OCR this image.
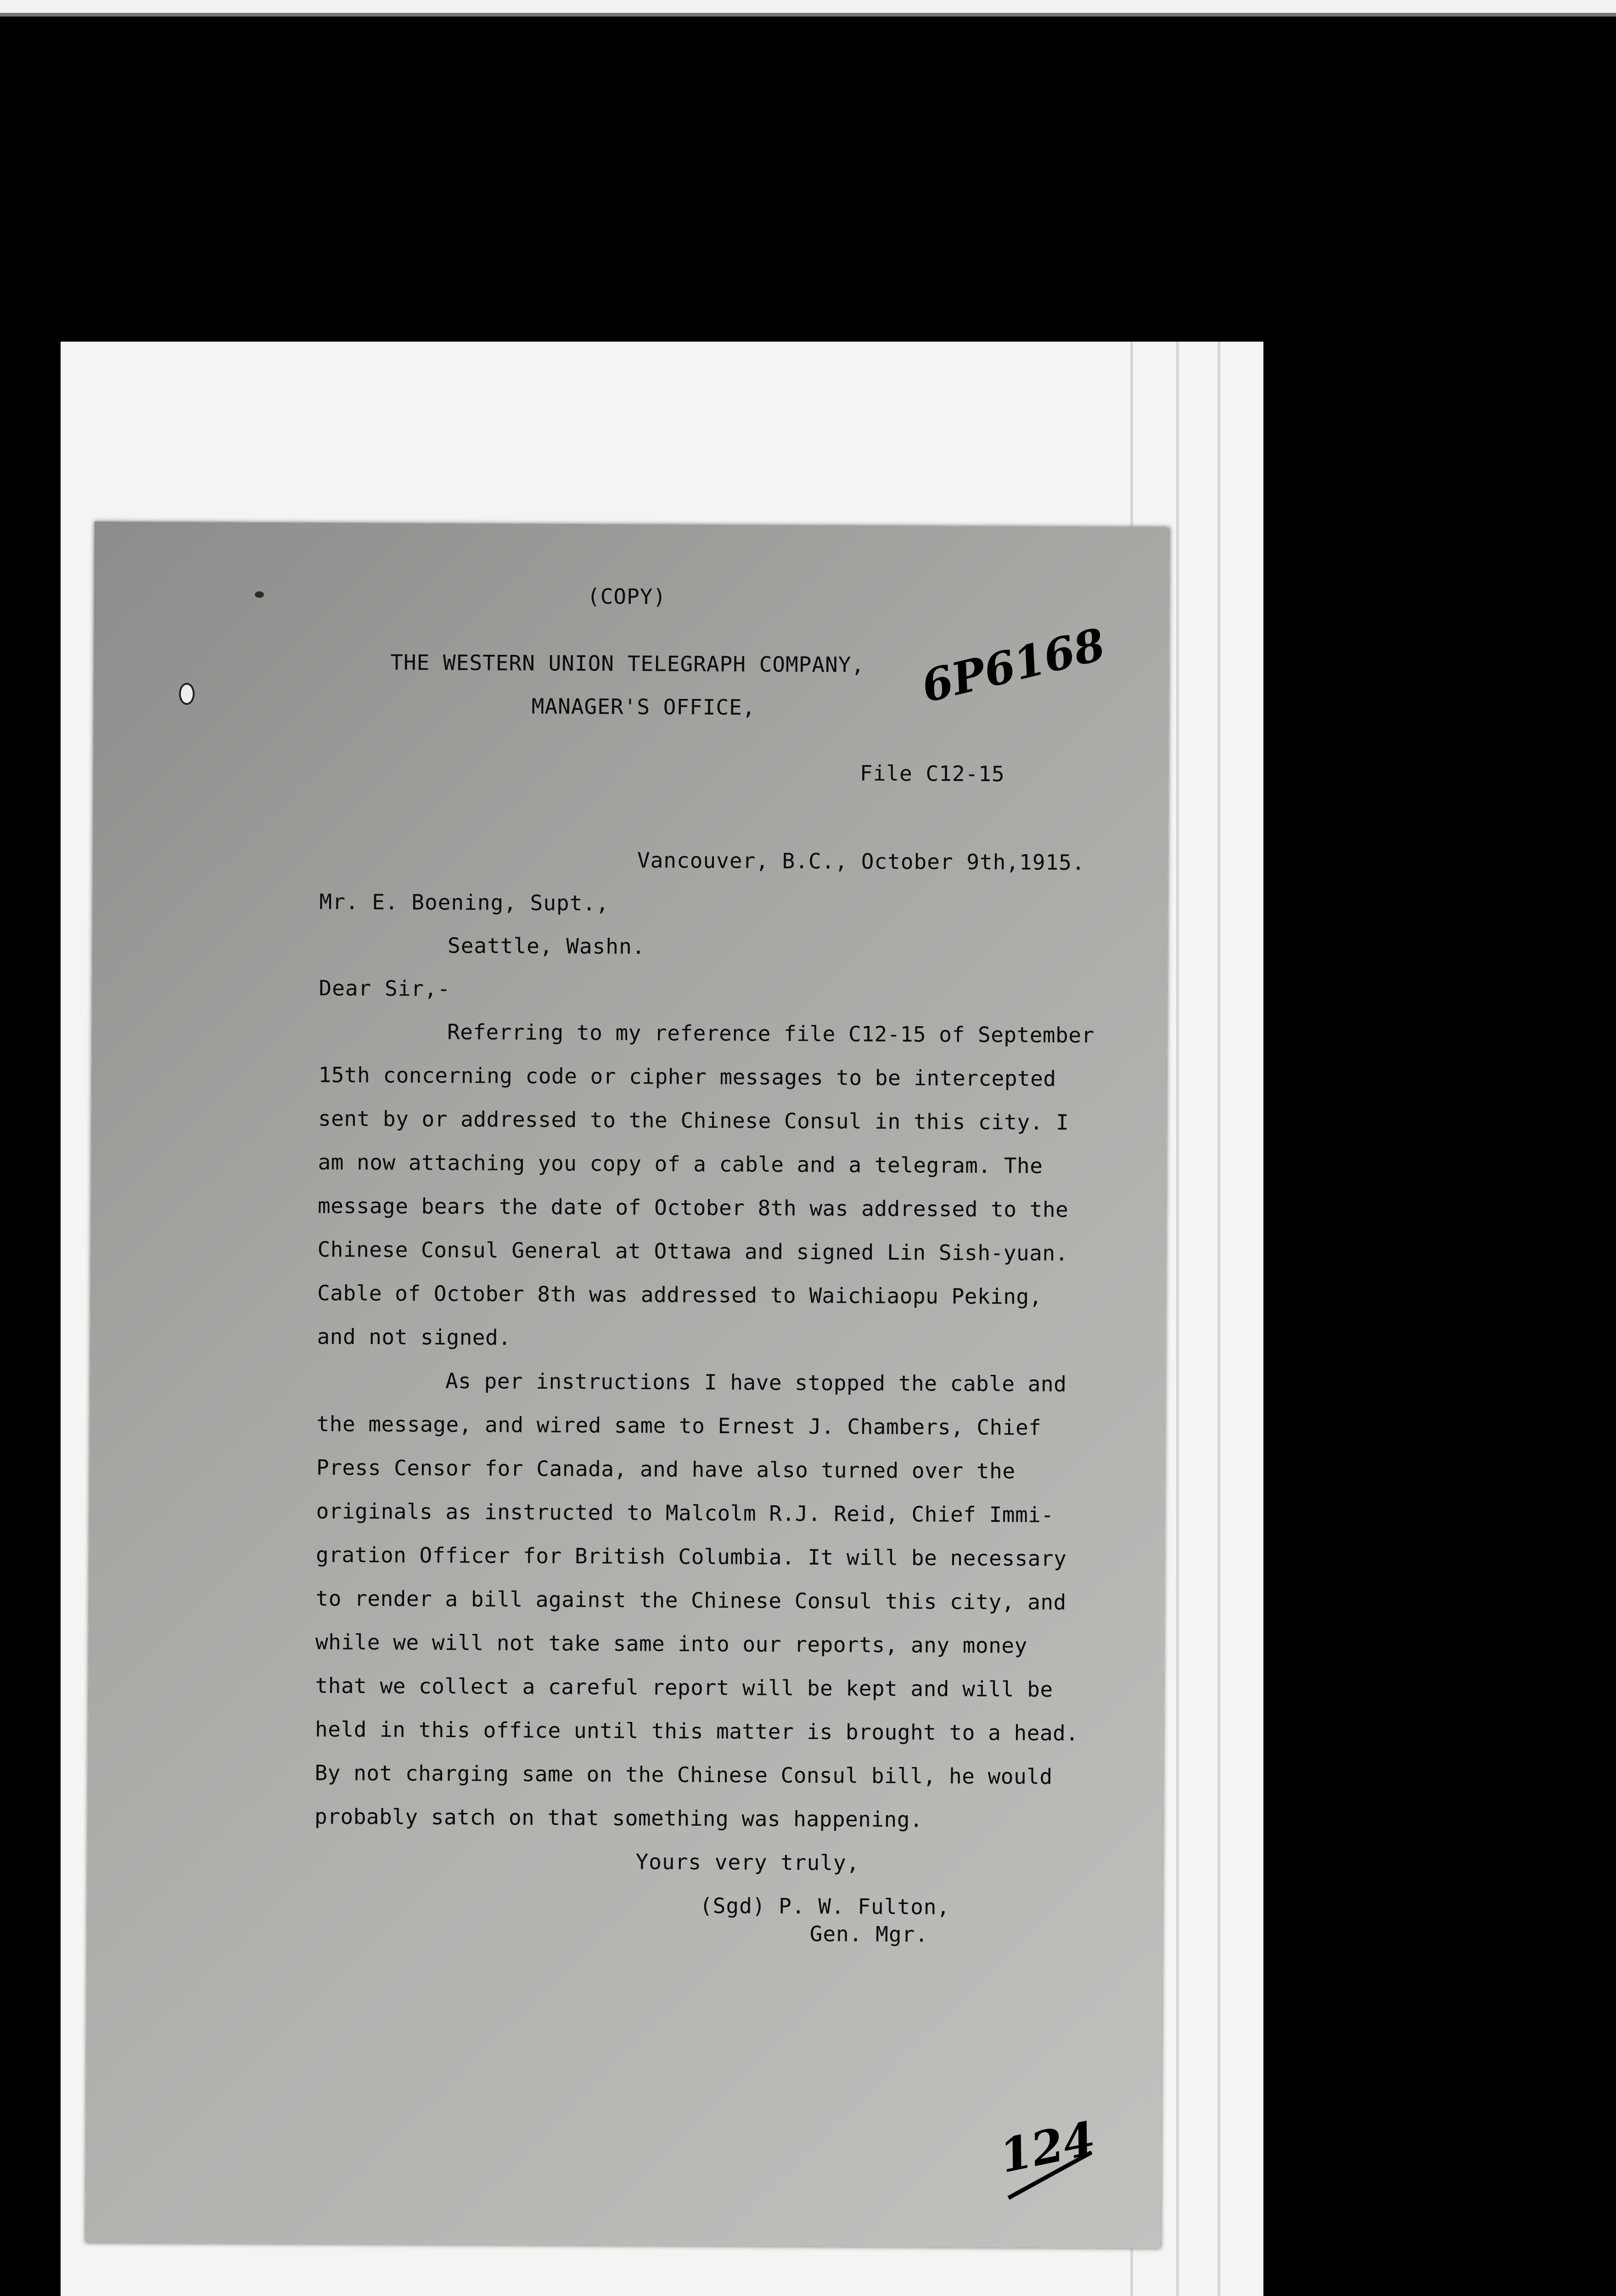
(COPY)
THE WESTERN UNION TELEGRAPH COMPANY,
MANAGER'S OFFICE,	6P6168
File C12-15
Vancouver, B.C., October 9th,1915.
Mr. E. Boening, Supt.,
Seattle, Washn.
Dear Sir,-
Referring to my reference file C12-15 of September
15th concerning code or cipher messages to be intercepted
sent by or addressed to the Chinese Consul in this city. I
am now attaching you copy of a cable and a telegram. The
message bears the date of October 8th was addressed to the
Chinese Consul General at Ottawa and signed Lin Sish-yuan.
Cable of October 8th was addressed to Waichiaopu Peking,
and not signed.
As per instructions I have stopped the cable and
the message, and wired same to Ernest J. Chambers, Chief
Press Censor for Canada, and have also turned over the
originals as instructed to Malcolm R.J. Reid, Chief Immi-
gration Officer for British Columbia. It will be necessary
to render a bill against the Chinese Consul this city, and
while we will not take same into our reports, any money
that we collect a careful report will be kept and will be
held in this office until this matter is brought to a head.
By not charging same on the Chinese Consul bill, he would
probably satch on that something was happening.
Yours very truly,
(Sgd) P. W. Fulton,
Gen. Mgr.
124
